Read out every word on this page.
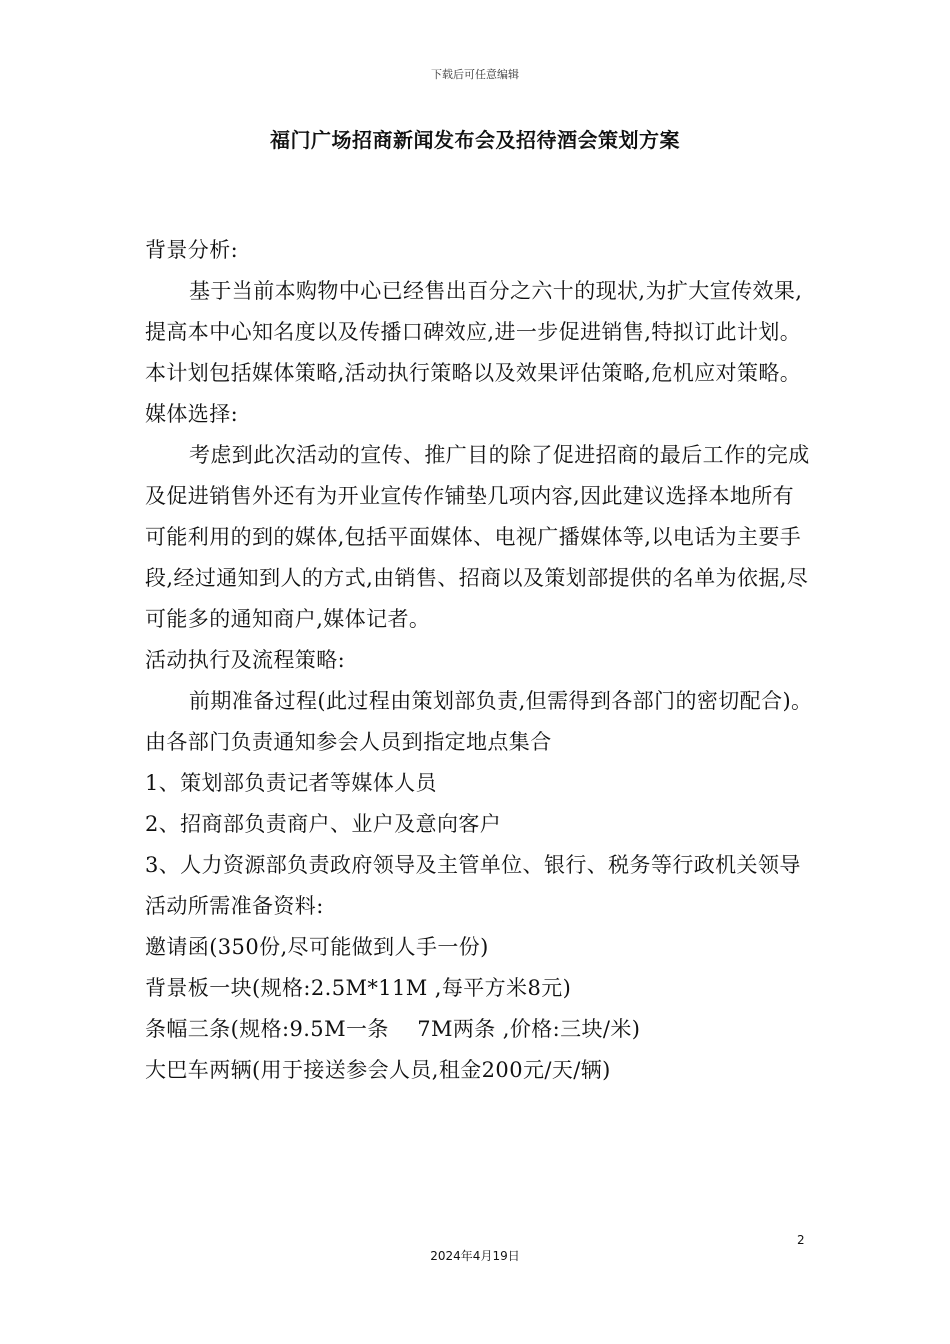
下载后可任意编辑
福门广场招商新闻发布会及招待酒会策划方案

背景分析:

基于当前本购物中心已经售出百分之六十的现状,为扩大宣传效果,提高本中心知名度以及传播口碑效应,进一步促进销售,特拟订此计划。本计划包括媒体策略,活动执行策略以及效果评估策略,危机应对策略。

媒体选择:

考虑到此次活动的宣传、推广目的除了促进招商的最后工作的完成及促进销售外还有为开业宣传作铺垫几项内容,因此建议选择本地所有可能利用的到的媒体,包括平面媒体、电视广播媒体等,以电话为主要手段,经过通知到人的方式,由销售、招商以及策划部提供的名单为依据,尽可能多的通知商户,媒体记者。

活动执行及流程策略:

前期准备过程(此过程由策划部负责,但需得到各部门的密切配合)。

由各部门负责通知参会人员到指定地点集合

1、策划部负责记者等媒体人员

2、招商部负责商户、业户及意向客户

3、人力资源部负责政府领导及主管单位、银行、税务等行政机关领导

活动所需准备资料:

邀请函(350份,尽可能做到人手一份)

背景板一块(规格:2.5M*11M ,每平方米8元)

条幅三条(规格:9.5M一条　 7M两条 ,价格:三块/米)

大巴车两辆(用于接送参会人员,租金200元/天/辆)

2
2024年4月19日
